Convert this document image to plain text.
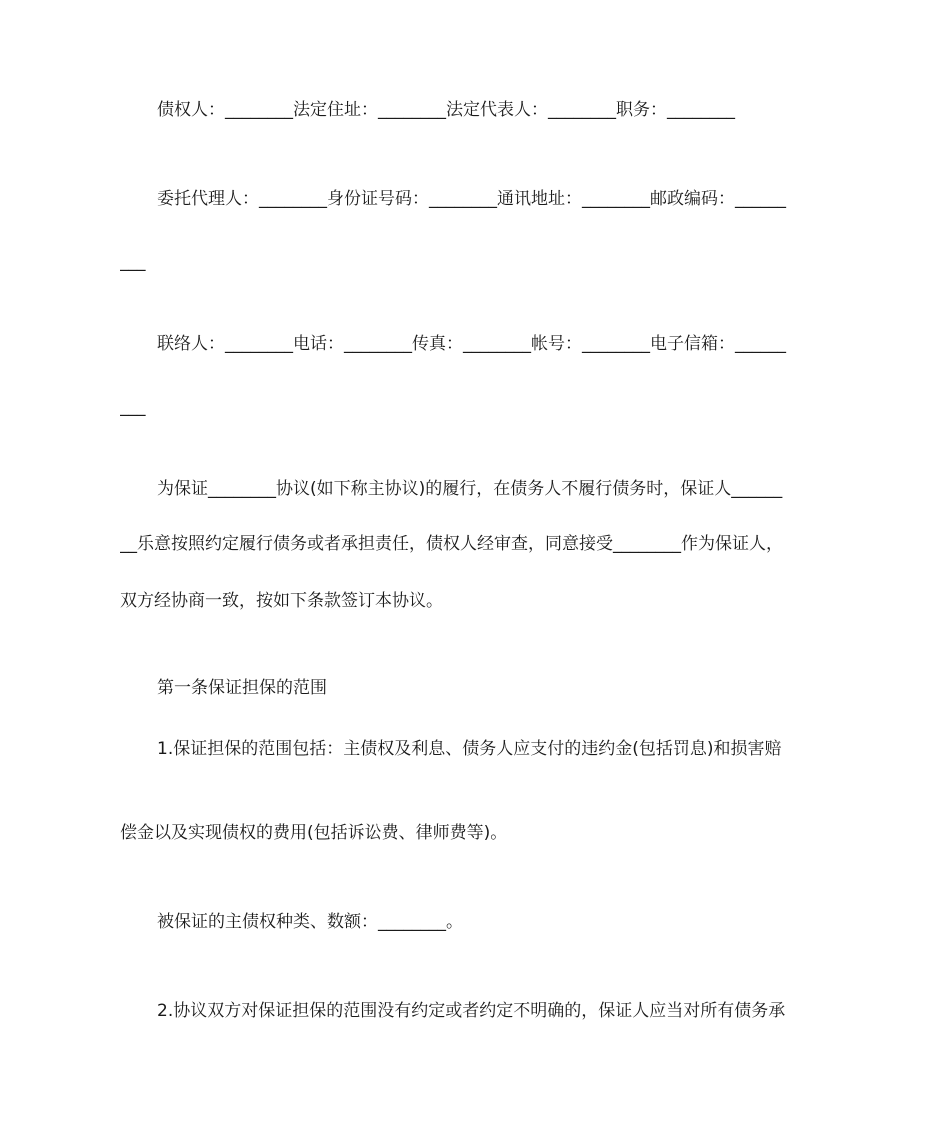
债权人：________法定住址：________法定代表人：________职务：________
委托代理人：________身份证号码：________通讯地址：________邮政编码：______
___
联络人：________电话：________传真：________帐号：________电子信箱：______
___
为保证________协议(如下称主协议)的履行，在债务人不履行债务时，保证人______
__乐意按照约定履行债务或者承担责任，债权人经审查，同意接受________作为保证人，
双方经协商一致，按如下条款签订本协议。
第一条保证担保的范围
1.保证担保的范围包括：主债权及利息、债务人应支付的违约金(包括罚息)和损害赔
偿金以及实现债权的费用(包括诉讼费、律师费等)。
被保证的主债权种类、数额：________。
2.协议双方对保证担保的范围没有约定或者约定不明确的，保证人应当对所有债务承
